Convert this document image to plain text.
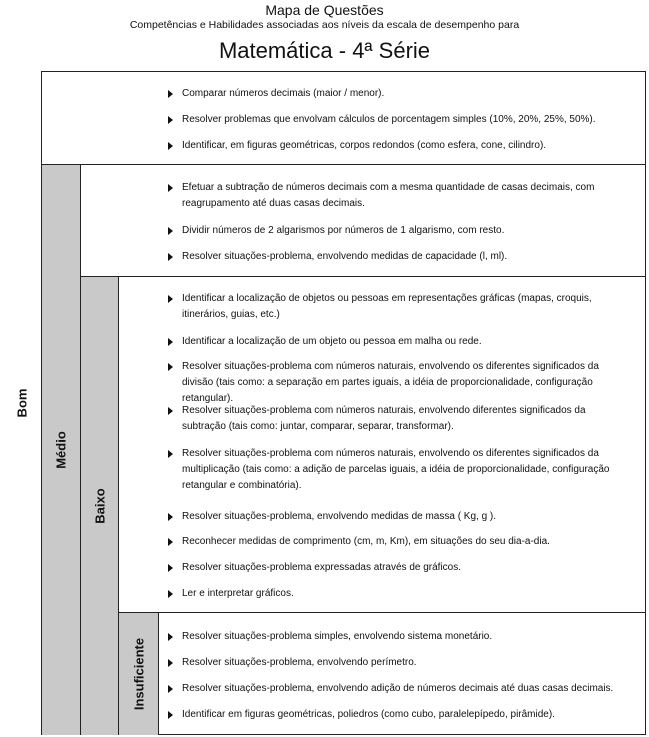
Mapa de Questões
Competências e Habilidades associadas aos níveis da escala de desempenho para
Matemática - 4ª Série
Bom
Médio
Baixo
Insuficiente
Comparar números decimais (maior / menor).
Resolver problemas que envolvam cálculos de porcentagem simples (10%, 20%, 25%, 50%).
Identificar, em figuras geométricas, corpos redondos (como esfera, cone, cilindro).
Efetuar a subtração de números decimais com a mesma quantidade de casas decimais, com reagrupamento até duas casas decimais.
Dividir números de 2 algarismos por números de 1 algarismo, com resto.
Resolver situações-problema, envolvendo medidas de capacidade (l, ml).
Identificar a localização de objetos ou pessoas em representações gráficas (mapas, croquis, itinerários, guias, etc.)
Identificar a localização de um objeto ou pessoa em malha ou rede.
Resolver situações-problema com números naturais, envolvendo os diferentes significados da divisão (tais como: a separação em partes iguais, a idéia de proporcionalidade, configuração retangular).
Resolver situações-problema com números naturais, envolvendo diferentes significados da subtração (tais como: juntar, comparar, separar, transformar).
Resolver situações-problema com números naturais, envolvendo os diferentes significados da multiplicação (tais como: a adição de parcelas iguais, a idéia de proporcionalidade, configuração retangular e combinatória).
Resolver situações-problema, envolvendo medidas de massa ( Kg, g ).
Reconhecer medidas de comprimento (cm, m, Km), em situações do seu dia-a-dia.
Resolver situações-problema expressadas através de gráficos.
Ler e interpretar gráficos.
Resolver situações-problema simples, envolvendo sistema monetário.
Resolver situações-problema, envolvendo perímetro.
Resolver situações-problema, envolvendo adição de números decimais até duas casas decimais.
Identificar em figuras geométricas, poliedros (como cubo, paralelepípedo, pirâmide).
